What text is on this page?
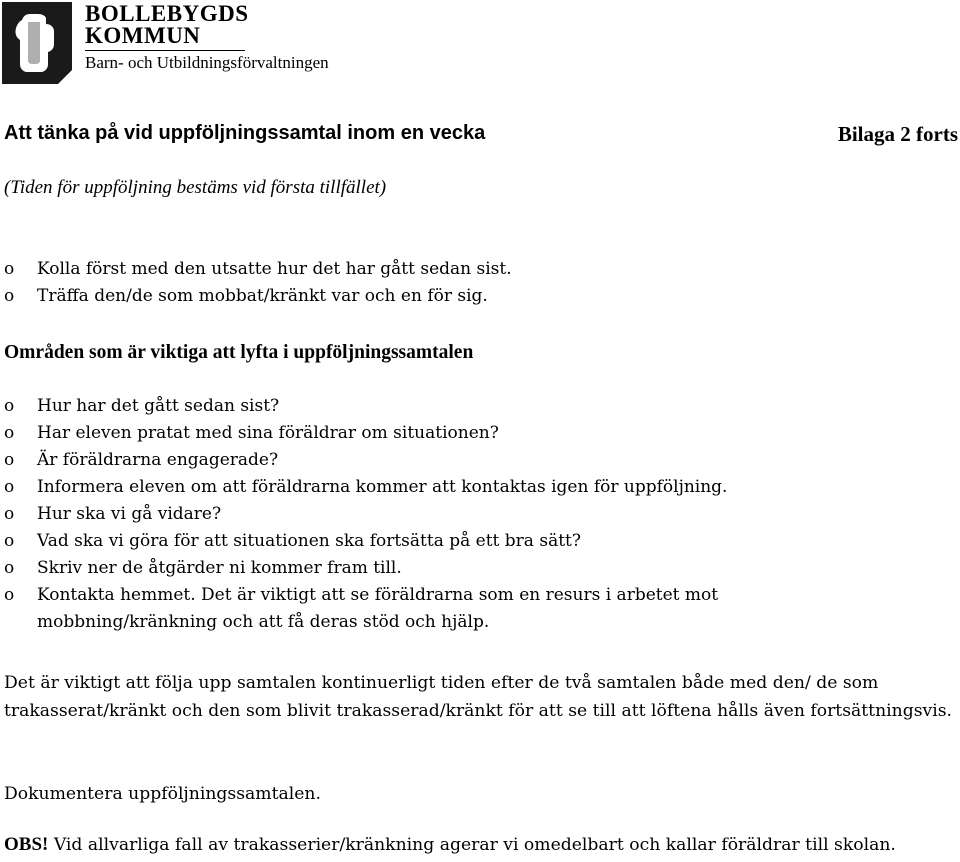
BOLLEBYGDS
KOMMUN
Barn- och Utbildningsförvaltningen
Att tänka på vid uppföljningssamtal inom en vecka	Bilaga 2 forts
(Tiden för uppföljning bestäms vid första tillfället)
o Kolla först med den utsatte hur det har gått sedan sist.
o Träffa den/de som mobbat/kränkt var och en för sig.
Områden som är viktiga att lyfta i uppföljningssamtalen
o Hur har det gått sedan sist?
o Har eleven pratat med sina föräldrar om situationen?
o Är föräldrarna engagerade?
o Informera eleven om att föräldrarna kommer att kontaktas igen för uppföljning.
o Hur ska vi gå vidare?
o Vad ska vi göra för att situationen ska fortsätta på ett bra sätt?
o Skriv ner de åtgärder ni kommer fram till.
o Kontakta hemmet. Det är viktigt att se föräldrarna som en resurs i arbetet mot
mobbning/kränkning och att få deras stöd och hjälp.
Det är viktigt att följa upp samtalen kontinuerligt tiden efter de två samtalen både med den/ de som trakasserat/kränkt och den som blivit trakasserad/kränkt för att se till att löftena hålls även fortsättningsvis.
Dokumentera uppföljningssamtalen.
OBS! Vid allvarliga fall av trakasserier/kränkning agerar vi omedelbart och kallar föräldrar till skolan.
